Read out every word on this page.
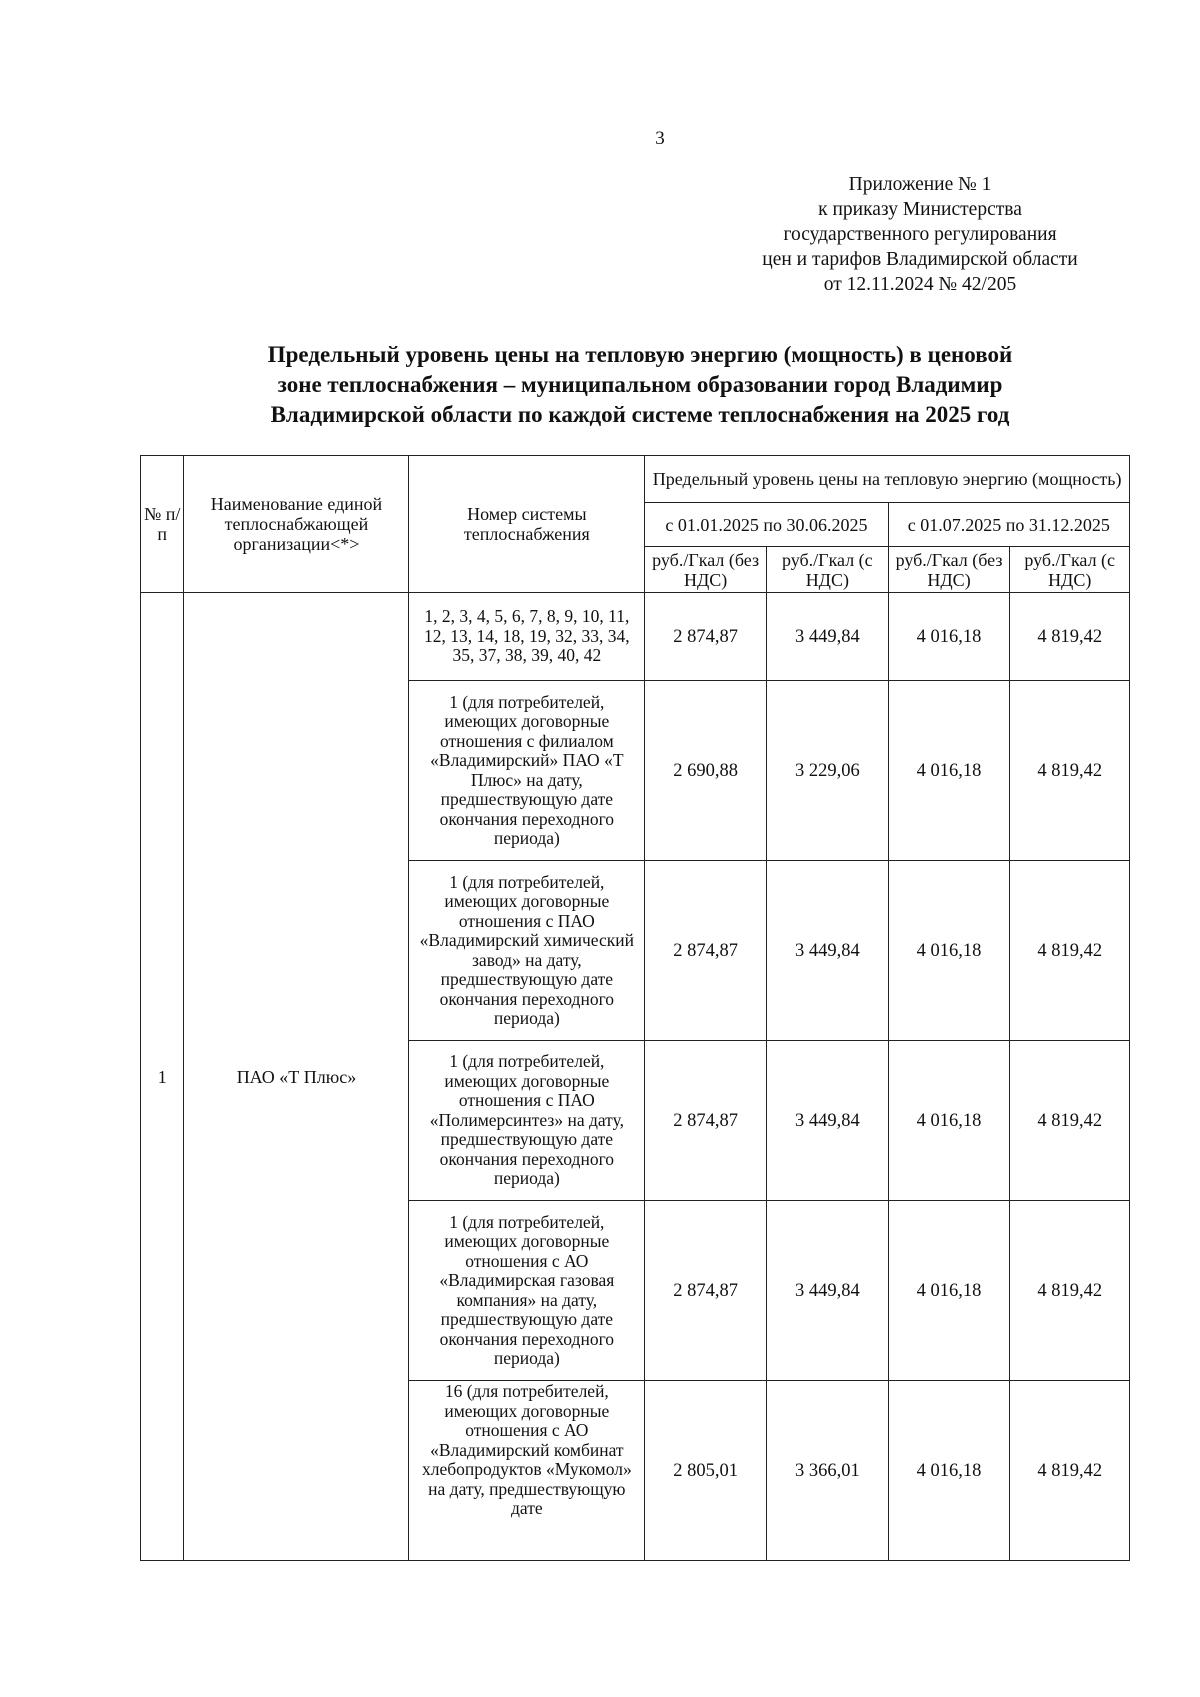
3
Приложение № 1
к приказу Министерства
государственного регулирования
цен и тарифов Владимирской области
от 12.11.2024 № 42/205
Предельный уровень цены на тепловую энергию (мощность) в ценовой
зоне теплоснабжения – муниципальном образовании город Владимир
Владимирской области по каждой системе теплоснабжения на 2025 год
№ п/п	Наименование единой теплоснабжающей организации<*>	Номер системы теплоснабжения	Предельный уровень цены на тепловую энергию (мощность)			
			с 01.01.2025 по 30.06.2025		с 01.07.2025 по 31.12.2025	
			руб./Гкал (без НДС)	руб./Гкал (с НДС)	руб./Гкал (без НДС)	руб./Гкал (с НДС)
1	ПАО «Т Плюс»	1, 2, 3, 4, 5, 6, 7, 8, 9, 10, 11, 12, 13, 14, 18, 19, 32, 33, 34, 35, 37, 38, 39, 40, 42	2 874,87	3 449,84	4 016,18	4 819,42
		1 (для потребителей, имеющих договорные отношения с филиалом «Владимирский» ПАО «Т Плюс» на дату, предшествующую дате окончания переходного периода)	2 690,88	3 229,06	4 016,18	4 819,42
		1 (для потребителей, имеющих договорные отношения с ПАО «Владимирский химический завод» на дату, предшествующую дате окончания переходного периода)	2 874,87	3 449,84	4 016,18	4 819,42
		1 (для потребителей, имеющих договорные отношения с ПАО «Полимерсинтез» на дату, предшествующую дате окончания переходного периода)	2 874,87	3 449,84	4 016,18	4 819,42
		1 (для потребителей, имеющих договорные отношения с АО «Владимирская газовая компания» на дату, предшествующую дате окончания переходного периода)	2 874,87	3 449,84	4 016,18	4 819,42
		16 (для потребителей, имеющих договорные отношения с АО «Владимирский комбинат хлебопродуктов «Мукомол» на дату, предшествующую дате	2 805,01	3 366,01	4 016,18	4 819,42
